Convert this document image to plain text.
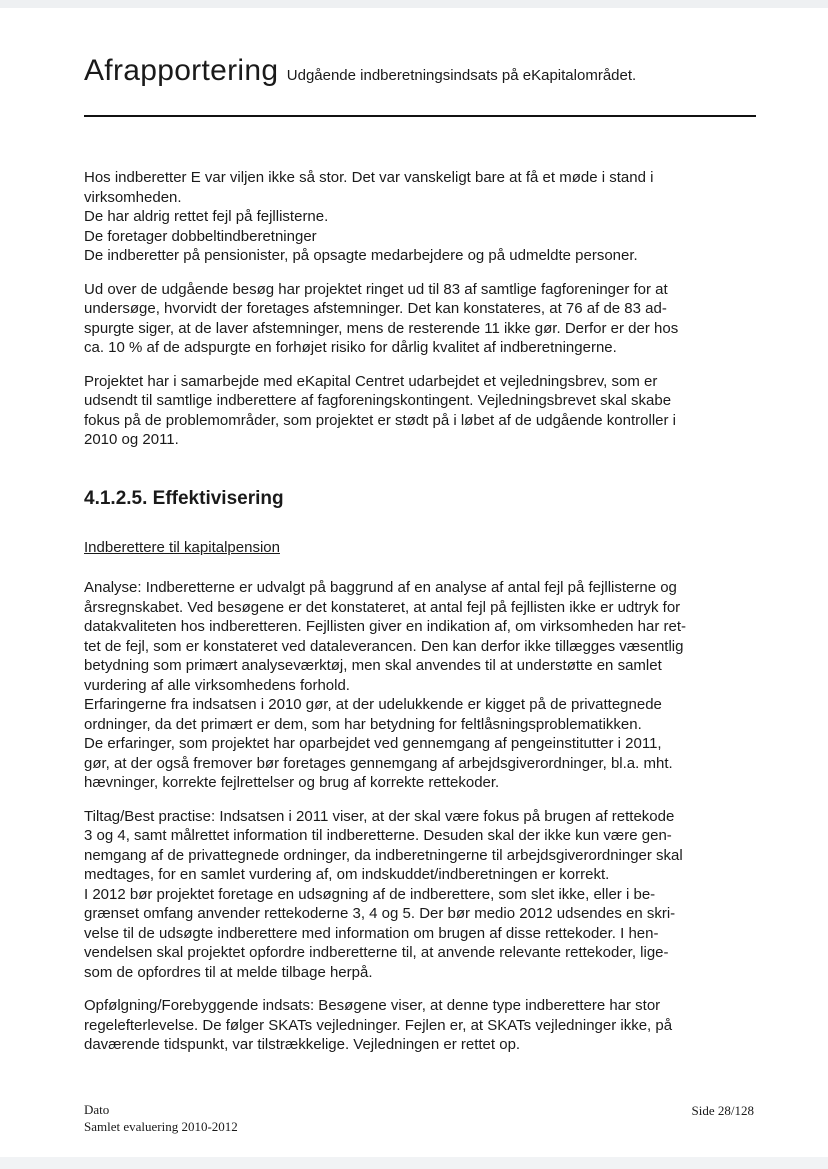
Afrapportering Udgående indberetningsindsats på eKapitalområdet.

Hos indberetter E var viljen ikke så stor. Det var vanskeligt bare at få et møde i stand i
virksomheden.
De har aldrig rettet fejl på fejllisterne.
De foretager dobbeltindberetninger
De indberetter på pensionister, på opsagte medarbejdere og på udmeldte personer.

Ud over de udgående besøg har projektet ringet ud til 83 af samtlige fagforeninger for at
undersøge, hvorvidt der foretages afstemninger. Det kan konstateres, at 76 af de 83 ad-
spurgte siger, at de laver afstemninger, mens de resterende 11 ikke gør. Derfor er der hos
ca. 10 % af de adspurgte en forhøjet risiko for dårlig kvalitet af indberetningerne.

Projektet har i samarbejde med eKapital Centret udarbejdet et vejledningsbrev, som er
udsendt til samtlige indberettere af fagforeningskontingent. Vejledningsbrevet skal skabe
fokus på de problemområder, som projektet er stødt på i løbet af de udgående kontroller i
2010 og 2011.

4.1.2.5. Effektivisering
Indberettere til kapitalpension

Analyse: Indberetterne er udvalgt på baggrund af en analyse af antal fejl på fejllisterne og
årsregnskabet. Ved besøgene er det konstateret, at antal fejl på fejllisten ikke er udtryk for
datakvaliteten hos indberetteren. Fejllisten giver en indikation af, om virksomheden har ret-
tet de fejl, som er konstateret ved dataleverancen. Den kan derfor ikke tillægges væsentlig
betydning som primært analyseværktøj, men skal anvendes til at understøtte en samlet
vurdering af alle virksomhedens forhold.
Erfaringerne fra indsatsen i 2010 gør, at der udelukkende er kigget på de privattegnede
ordninger, da det primært er dem, som har betydning for feltlåsningsproblematikken.
De erfaringer, som projektet har oparbejdet ved gennemgang af pengeinstitutter i 2011,
gør, at der også fremover bør foretages gennemgang af arbejdsgiverordninger, bl.a. mht.
hævninger, korrekte fejlrettelser og brug af korrekte rettekoder.

Tiltag/Best practise: Indsatsen i 2011 viser, at der skal være fokus på brugen af rettekode
3 og 4, samt målrettet information til indberetterne. Desuden skal der ikke kun være gen-
nemgang af de privattegnede ordninger, da indberetningerne til arbejdsgiverordninger skal
medtages, for en samlet vurdering af, om indskuddet/indberetningen er korrekt.
I 2012 bør projektet foretage en udsøgning af de indberettere, som slet ikke, eller i be-
grænset omfang anvender rettekoderne 3, 4 og 5. Der bør medio 2012 udsendes en skri-
velse til de udsøgte indberettere med information om brugen af disse rettekoder. I hen-
vendelsen skal projektet opfordre indberetterne til, at anvende relevante rettekoder, lige-
som de opfordres til at melde tilbage herpå.

Opfølgning/Forebyggende indsats: Besøgene viser, at denne type indberettere har stor
regelefterlevelse. De følger SKATs vejledninger. Fejlen er, at SKATs vejledninger ikke, på
daværende tidspunkt, var tilstrækkelige. Vejledningen er rettet op.

Dato
Samlet evaluering 2010-2012
Side 28/128
